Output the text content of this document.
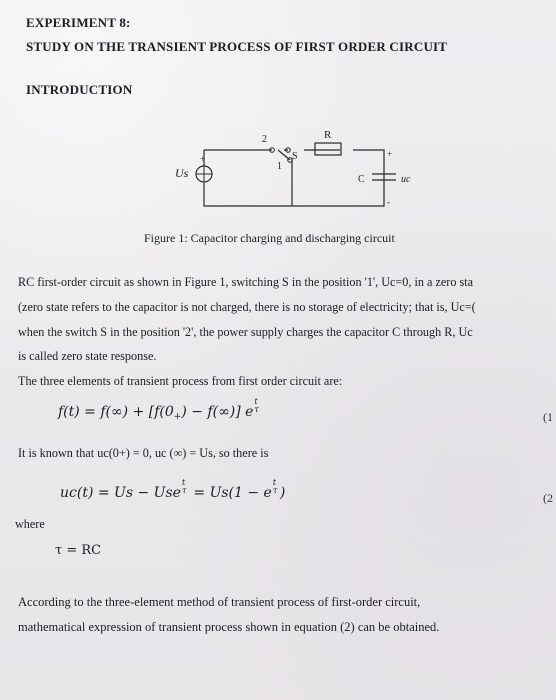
EXPERIMENT 8:
STUDY ON THE TRANSIENT PROCESS OF FIRST ORDER CIRCUIT
INTRODUCTION
Us
+
2
S
1
R
C
+
-
uc
Figure 1: Capacitor charging and discharging circuit
RC first-order circuit as shown in Figure 1, switching S in the position '1', Uc=0, in a zero sta
(zero state refers to the capacitor is not charged, there is no storage of electricity; that is, Uc=(
when the switch S in the position '2', the power supply charges the capacitor C through R, Uc
is called zero state response.
The three elements of transient process from first order circuit are:
$f(t) = f(\infty) + [f(0_+) - f(\infty)]$ e
t
τ
(1
It is known that uc(0+) = 0, uc (∞) = Us, so there is
uc(t) = Us − Use
t
τ = Us(1 − e
t
τ )	(2
where
τ = RC
According to the three-element method of transient process of first-order circuit,
mathematical expression of transient process shown in equation (2) can be obtained.
